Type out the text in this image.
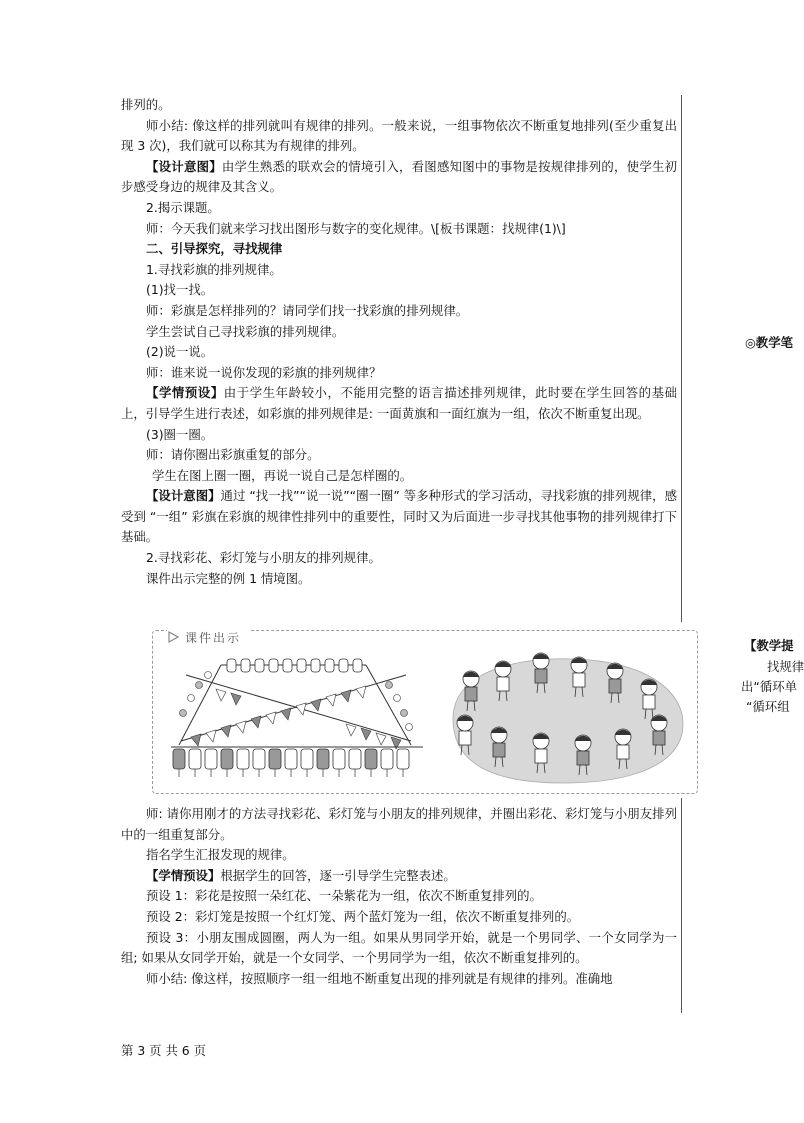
排列的。

师小结: 像这样的排列就叫有规律的排列。一般来说，一组事物依次不断重复地排列(至少重复出现 3 次)，我们就可以称其为有规律的排列。

【设计意图】由学生熟悉的联欢会的情境引入，看图感知图中的事物是按规律排列的，使学生初步感受身边的规律及其含义。

2.揭示课题。

师：今天我们就来学习找出图形与数字的变化规律。\[板书课题：找规律(1)\]

二、引导探究，寻找规律

1.寻找彩旗的排列规律。

(1)找一找。

师：彩旗是怎样排列的？请同学们找一找彩旗的排列规律。

学生尝试自己寻找彩旗的排列规律。

(2)说一说。

师：谁来说一说你发现的彩旗的排列规律？

【学情预设】由于学生年龄较小，不能用完整的语言描述排列规律，此时要在学生回答的基础上，引导学生进行表述，如彩旗的排列规律是: 一面黄旗和一面红旗为一组，依次不断重复出现。

(3)圈一圈。

师：请你圈出彩旗重复的部分。

学生在图上圈一圈，再说一说自己是怎样圈的。

【设计意图】通过 “找一找”“说一说”“圈一圈” 等多种形式的学习活动，寻找彩旗的排列规律，感受到 “一组” 彩旗在彩旗的规律性排列中的重要性，同时又为后面进一步寻找其他事物的排列规律打下基础。

2.寻找彩花、彩灯笼与小朋友的排列规律。

课件出示完整的例 1 情境图。

师: 请你用刚才的方法寻找彩花、彩灯笼与小朋友的排列规律，并圈出彩花、彩灯笼与小朋友排列中的一组重复部分。

指名学生汇报发现的规律。

【学情预设】根据学生的回答，逐一引导学生完整表述。

预设 1：彩花是按照一朵红花、一朵紫花为一组，依次不断重复排列的。

预设 2：彩灯笼是按照一个红灯笼、两个蓝灯笼为一组，依次不断重复排列的。

预设 3：小朋友围成圆圈，两人为一组。如果从男同学开始，就是一个男同学、一个女同学为一组; 如果从女同学开始，就是一个女同学、一个男同学为一组，依次不断重复排列的。

师小结: 像这样，按照顺序一组一组地不断重复出现的排列就是有规律的排列。准确地

◎教学笔
【教学提
找规律
出“循环单
“循环组
课件出示
第 3 页 共 6 页
